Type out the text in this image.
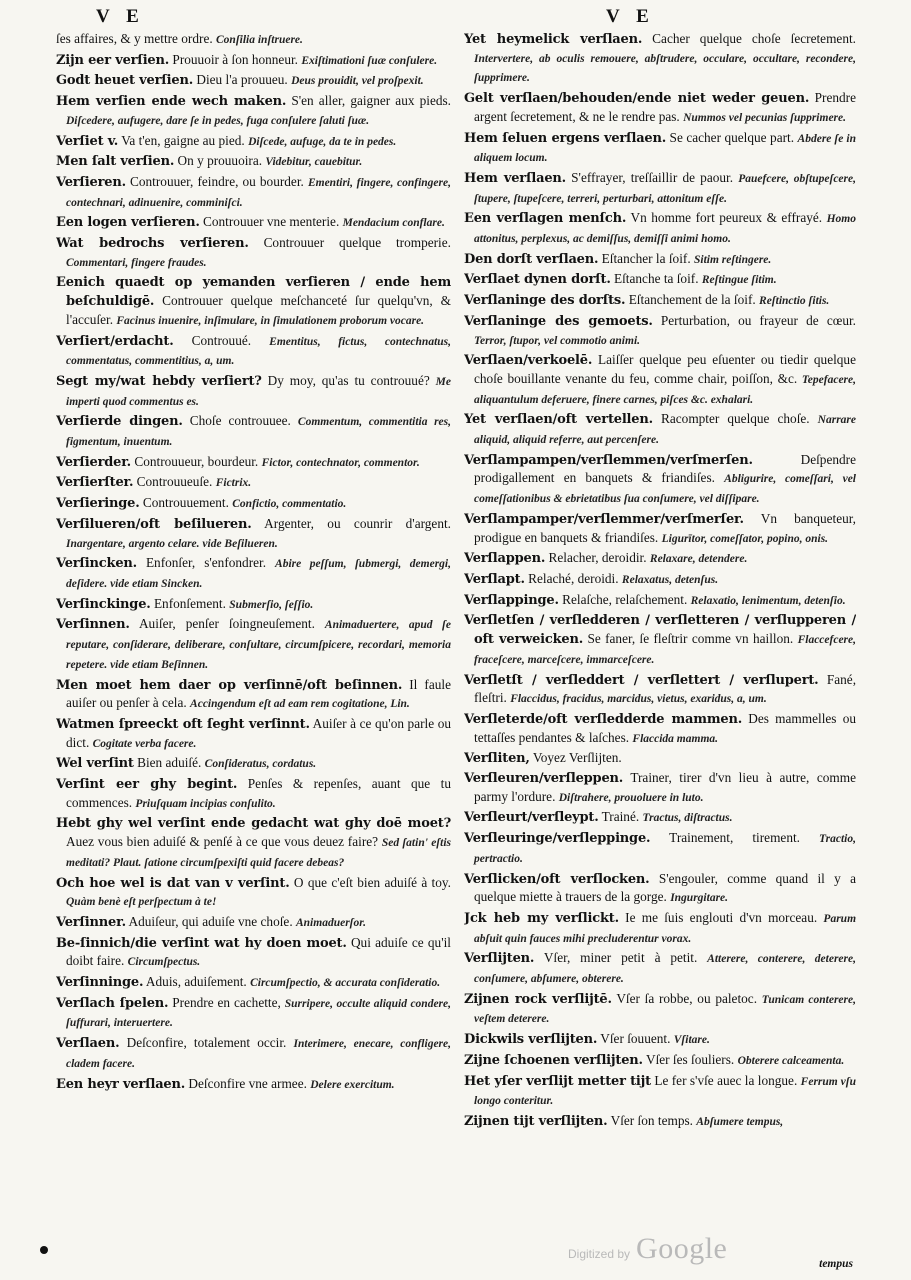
V E	V E

ſes affaires, & y mettre ordre. Conſilia inſtruere.

Zijn eer verſien. Prouuoir à ſon honneur. Exiſtimationi ſuæ conſulere.

Godt heuet verſien. Dieu l'a prouueu. Deus prouidit, vel proſpexit.

Hem verſien ende wech maken. S'en aller, gaigner aux pieds. Diſcedere, aufugere, dare ſe in pedes, fuga conſulere ſaluti ſuæ.

Verſiet v. Va t'en, gaigne au pied. Diſcede, aufuge, da te in pedes.

Men ſalt verſien. On y prouuoira. Videbitur, cauebitur.

Verſieren. Controuuer, feindre, ou bourder. Ementiri, fingere, confingere, contechnari, adinuenire, comminiſci.

Een logen verſieren. Controuuer vne menterie. Mendacium conflare.

Wat bedrochs verſieren. Controuuer quelque tromperie. Commentari, fingere fraudes.

Eenich quaedt op yemanden verſieren / ende hem beſchuldigē. Controuuer quelque meſchanceté ſur quelqu'vn, & l'accuſer. Facinus inuenire, inſimulare, in ſimulationem proborum vocare.

Verſiert/erdacht. Controuué. Ementitus, fictus, contechnatus, commentatus, commentitius, a, um.

Segt my/wat hebdy verſiert? Dy moy, qu'as tu controuué? Me imperti quod commentus es.

Verſierde dingen. Choſe controuuee. Commentum, commentitia res, figmentum, inuentum.

Verſierder. Controuueur, bourdeur. Fictor, contechnator, commentor.

Verſierſter. Controuueuſe. Fictrix.

Verſieringe. Controuuement. Confictio, commentatio.

Verſilueren/oft beſilueren. Argenter, ou counrir d'argent. Inargentare, argento celare. vide Beſilueren.

Verſincken. Enfonſer, s'enfondrer. Abire peſſum, ſubmergi, demergi, deſidere. vide etiam Sincken.

Verſinckinge. Enfonſement. Submerſio, ſeſſio.

Verſinnen. Auiſer, penſer ſoingneuſement. Animaduertere, apud ſe reputare, conſiderare, deliberare, conſultare, circumſpicere, recordari, memoria repetere. vide etiam Beſinnen.

Men moet hem daer op verſinnē/oft beſinnen. Il faule auiſer ou penſer à cela. Accingendum eſt ad eam rem cogitatione, Lin.

Watmen ſpreeckt oft ſeght verſinnt. Auiſer à ce qu'on parle ou dict. Cogitate verba facere.

Wel verſint Bien aduiſé. Conſideratus, cordatus.

Verſint eer ghy begint. Penſes & repenſes, auant que tu commences. Priuſquam incipias conſulito.

Hebt ghy wel verſint ende gedacht wat ghy doē moet? Auez vous bien aduiſé & penſé à ce que vous deuez faire? Sed ſatin' eſtis meditati? Plaut. ſatione circumſpexiſti quid facere debeas?

Och hoe wel is dat van v verſint. O que c'eſt bien aduiſé à toy. Quàm benè eſt perſpectum à te!

Verſinner. Aduiſeur, qui aduiſe vne choſe. Animaduerſor.

Be-ſinnich/die verſint wat hy doen moet. Qui aduiſe ce qu'il doibt faire. Circumſpectus.

Verſinninge. Aduis, aduiſement. Circumſpectio, & accurata conſideratio.

Verſlach ſpelen. Prendre en cachette, Surripere, occulte aliquid condere, ſuffurari, interuertere.

Verſlaen. Deſconfire, totalement occir. Interimere, enecare, confligere, cladem facere.

Een heyr verſlaen. Deſconfire vne armee. Delere exercitum.

Yet heymelick verſlaen. Cacher quelque choſe ſecretement. Intervertere, ab oculis remouere, abſtrudere, occulare, occultare, recondere, ſupprimere.

Gelt verſlaen/behouden/ende niet weder geuen. Prendre argent ſecretement, & ne le rendre pas. Nummos vel pecunias ſupprimere.

Hem ſeluen ergens verſlaen. Se cacher quelque part. Abdere ſe in aliquem locum.

Hem verſlaen. S'effrayer, treſſaillir de paour. Pauefcere, obſtupeſcere, ſtupere, ſtupeſcere, terreri, perturbari, attonitum eſſe.

Een verſlagen menſch. Vn homme fort peureux & effrayé. Homo attonitus, perplexus, ac demiſſus, demiſſi animi homo.

Den dorſt verſlaen. Eſtancher la ſoif. Sitim reſtingere.

Verſlaet dynen dorſt. Eſtanche ta ſoif. Reſtingue ſitim.

Verſlaninge des dorſts. Eſtanchement de la ſoif. Reſtinctio ſitis.

Verſlaninge des gemoets. Perturbation, ou frayeur de cœur. Terror, ſtupor, vel commotio animi.

Verſlaen/verkoelē. Laiſſer quelque peu eſuenter ou tiedir quelque choſe bouillante venante du feu, comme chair, poiſſon, &c. Tepefacere, aliquantulum deferuere, finere carnes, piſces &c. exhalari.

Yet verſlaen/oft vertellen. Racompter quelque choſe. Narrare aliquid, aliquid referre, aut percenſere.

Verſlampampen/verſlemmen/verſmerſen.	Deſpendre prodigallement en banquets & friandiſes. Abligurire, comeſſari, vel comeſſationibus & ebrietatibus ſua conſumere, vel diſſipare.

Verſlampamper/verſlemmer/verſmerſer. Vn banqueteur, prodigue en banquets & friandiſes. Ligurītor, comeſſator, popino, onis.

Verſlappen. Relacher, deroidir. Relaxare, detendere.

Verſlapt. Relaché, deroidi. Relaxatus, detenſus.

Verſlappinge. Relaſche, relaſchement. Relaxatio, lenimentum, detenſio.

Verſletſen / verſledderen / verſletteren / verſlupperen / oft verweicken. Se faner, ſe fleſtrir comme vn haillon. Flaccefcere, fraceſcere, marceſcere, immarceſcere.

Verſletſt / verſleddert / verſlettert / verſlupert. Fané, fleſtri. Flaccidus, fracidus, marcidus, vietus, exaridus, a, um.

Verſleterde/oft verſledderde mammen. Des mammelles ou tettaſſes pendantes & laſches. Flaccida mamma.

Verſliten, Voyez Verſlijten.

Verſleuren/verſleppen. Trainer, tirer d'vn lieu à autre, comme parmy l'ordure. Diſtrahere, prouoluere in luto.

Verſleurt/verſleypt. Trainé. Tractus, diſtractus.

Verſleuringe/verſleppinge. Trainement, tirement. Tractio, pertractio.

Verſlicken/oft verſlocken. S'engouler, comme quand il y a quelque miette à trauers de la gorge. Ingurgitare.

Jck heb my verſlickt. Ie me ſuis englouti d'vn morceau. Parum abſuit quin fauces mihi precluderentur vorax.

Verſlijten. Vſer, miner petit à petit. Atterere, conterere, deterere, conſumere, abſumere, obterere.

Zijnen rock verſlijtē. Vſer ſa robbe, ou paletoc. Tunicam conterere, veſtem deterere.

Dickwils verſlijten. Vſer ſouuent. Vſitare.

Zijne ſchoenen verſlijten. Vſer ſes ſouliers. Obterere calceamenta.

Het yſer verſlijt metter tijt Le fer s'vſe auec la longue. Ferrum vſu longo conteritur.

Zijnen tijt verſlijten. Vſer ſon temps. Abſumere tempus,

tempus
Digitized by Google
